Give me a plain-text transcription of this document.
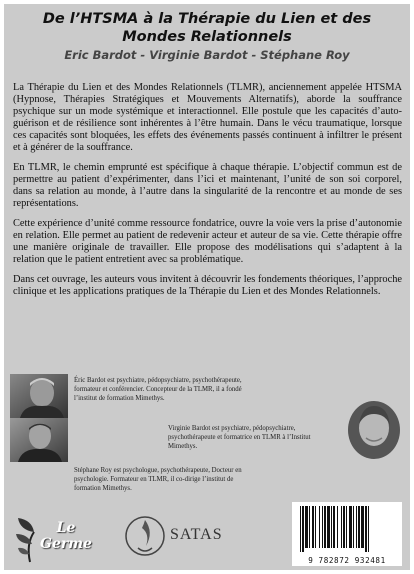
De l’HTSMA à la Thérapie du Lien et des Mondes Relationnels
Eric Bardot - Virginie Bardot - Stéphane Roy

La Thérapie du Lien et des Mondes Relationnels (TLMR), anciennement appelée HTSMA (Hypnose, Thérapies Stratégiques et Mouvements Alternatifs), aborde la souffrance psychique sur un mode systémique et interactionnel. Elle postule que les capacités d’auto-guérison et de résilience sont inhérentes à l’être humain. Dans le vécu traumatique, lorsque ces capacités sont bloquées, les effets des événements passés continuent à infiltrer le présent et à générer de la souffrance.

En TLMR, le chemin emprunté est spécifique à chaque thérapie. L’objectif commun est de permettre au patient d’expérimenter, dans l’ici et maintenant, l’unité de son soi corporel, dans sa relation au monde, à l’autre dans la singularité de la rencontre et au monde de ses représentations.

Cette expérience d’unité comme ressource fondatrice, ouvre la voie vers la prise d’autonomie en relation. Elle permet au patient de redevenir acteur et auteur de sa vie. Cette thérapie offre une manière originale de travailler. Elle propose des modélisations qui s’adaptent à la relation que le patient entretient avec sa problématique.

Dans cet ouvrage, les auteurs vous invitent à découvrir les fondements théoriques, l’approche clinique et les applications pratiques de la Thérapie du Lien et des Mondes Relationnels.

Éric Bardot est psychiatre, pédopsychiatre, psychothérapeute, formateur et conférencier. Concepteur de la TLMR, il a fondé l’institut de formation Mimethys.
Virginie Bardot est psychiatre, pédopsychiatre, psychothérapeute et formatrice en TLMR à l’Institut Mimethys.
Stéphane Roy est psychologue, psychothérapeute, Docteur en psychologie. Formateur en TLMR, il co-dirige l’institut de formation Mimethys.
Le
Germe
SATAS
9 782872 932481
